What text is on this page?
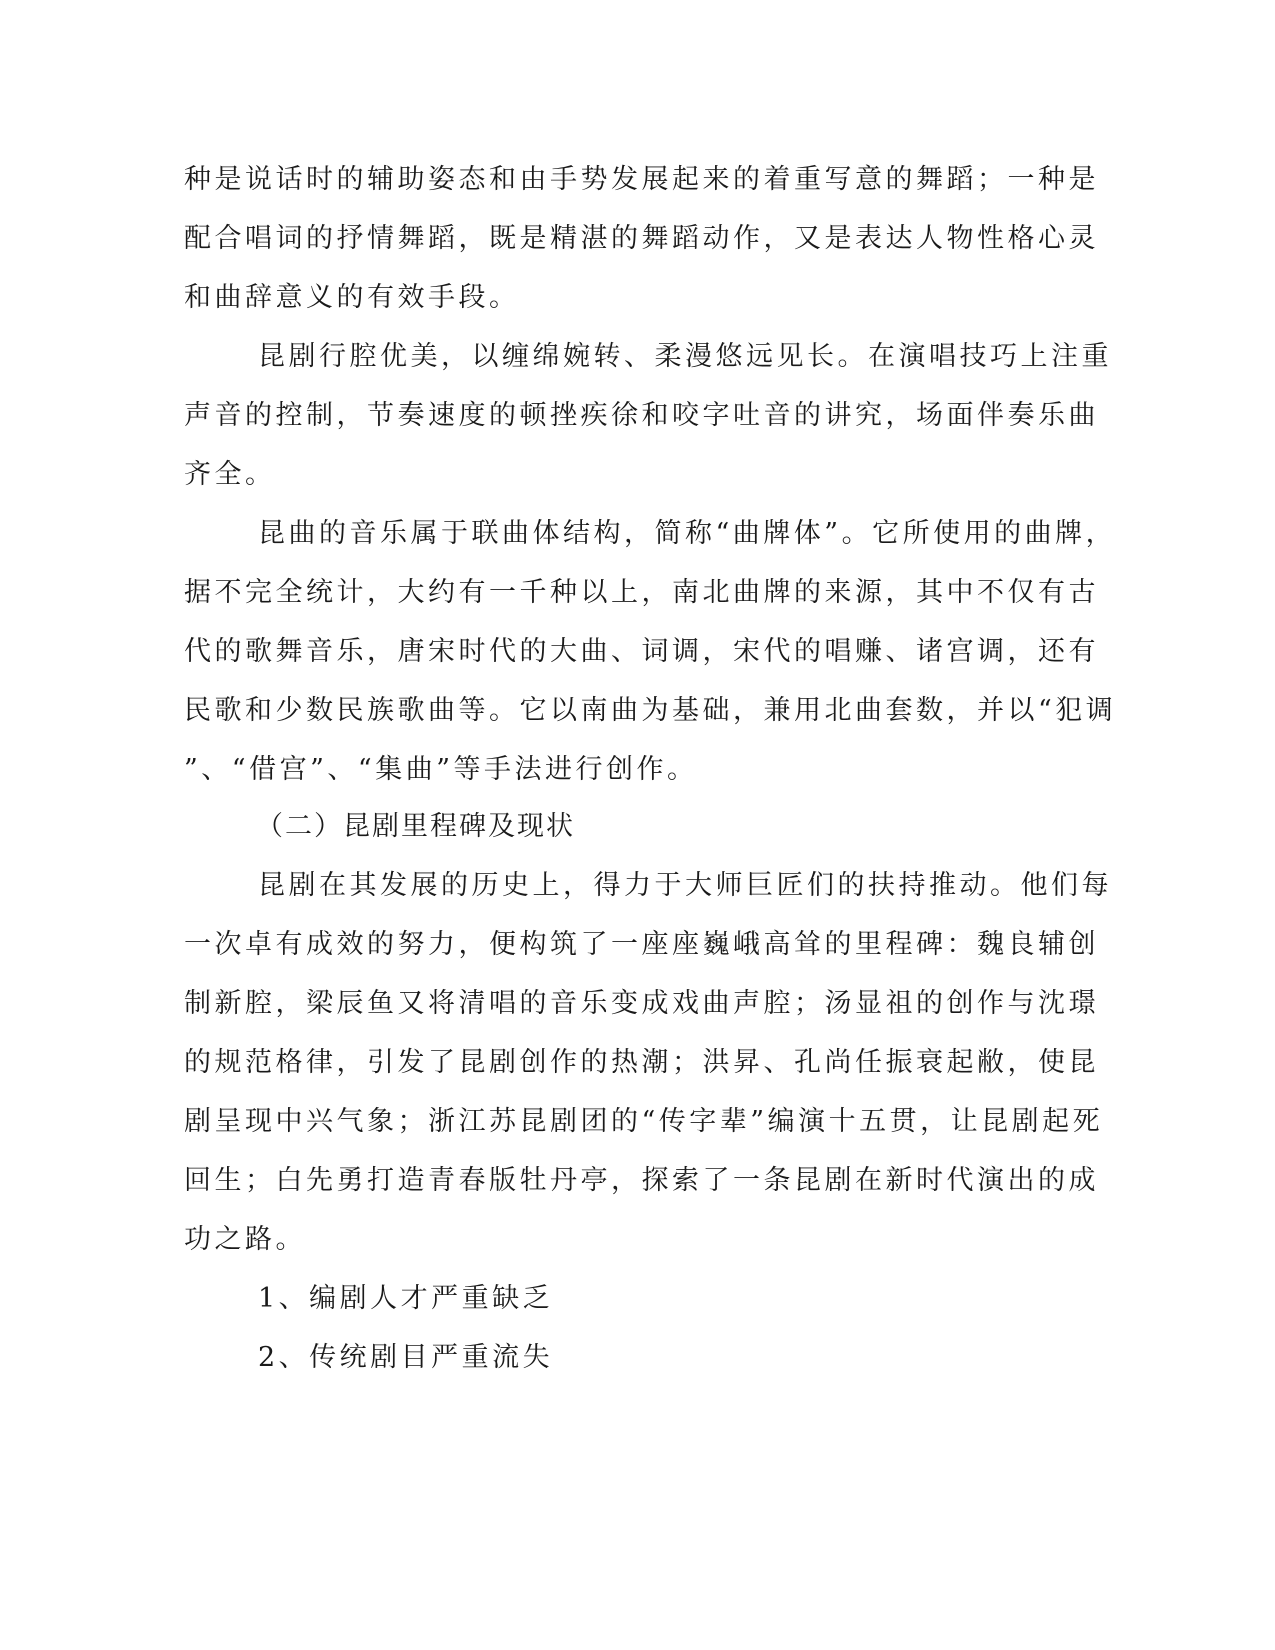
种是说话时的辅助姿态和由手势发展起来的着重写意的舞蹈；一种是

配合唱词的抒情舞蹈，既是精湛的舞蹈动作，又是表达人物性格心灵

和曲辞意义的有效手段。

昆剧行腔优美，以缠绵婉转、柔漫悠远见长。在演唱技巧上注重

声音的控制，节奏速度的顿挫疾徐和咬字吐音的讲究，场面伴奏乐曲

齐全。

昆曲的音乐属于联曲体结构，简称“曲牌体”。它所使用的曲牌，

据不完全统计，大约有一千种以上，南北曲牌的来源，其中不仅有古

代的歌舞音乐，唐宋时代的大曲、词调，宋代的唱赚、诸宫调，还有

民歌和少数民族歌曲等。它以南曲为基础，兼用北曲套数，并以“犯调

”、“借宫”、“集曲”等手法进行创作。

（二）昆剧里程碑及现状

昆剧在其发展的历史上，得力于大师巨匠们的扶持推动。他们每

一次卓有成效的努力，便构筑了一座座巍峨高耸的里程碑：魏良辅创

制新腔，梁辰鱼又将清唱的音乐变成戏曲声腔；汤显祖的创作与沈璟

的规范格律，引发了昆剧创作的热潮；洪昇、孔尚任振衰起敝，使昆

剧呈现中兴气象；浙江苏昆剧团的“传字辈”编演十五贯，让昆剧起死

回生；白先勇打造青春版牡丹亭，探索了一条昆剧在新时代演出的成

功之路。

1、编剧人才严重缺乏

2、传统剧目严重流失
